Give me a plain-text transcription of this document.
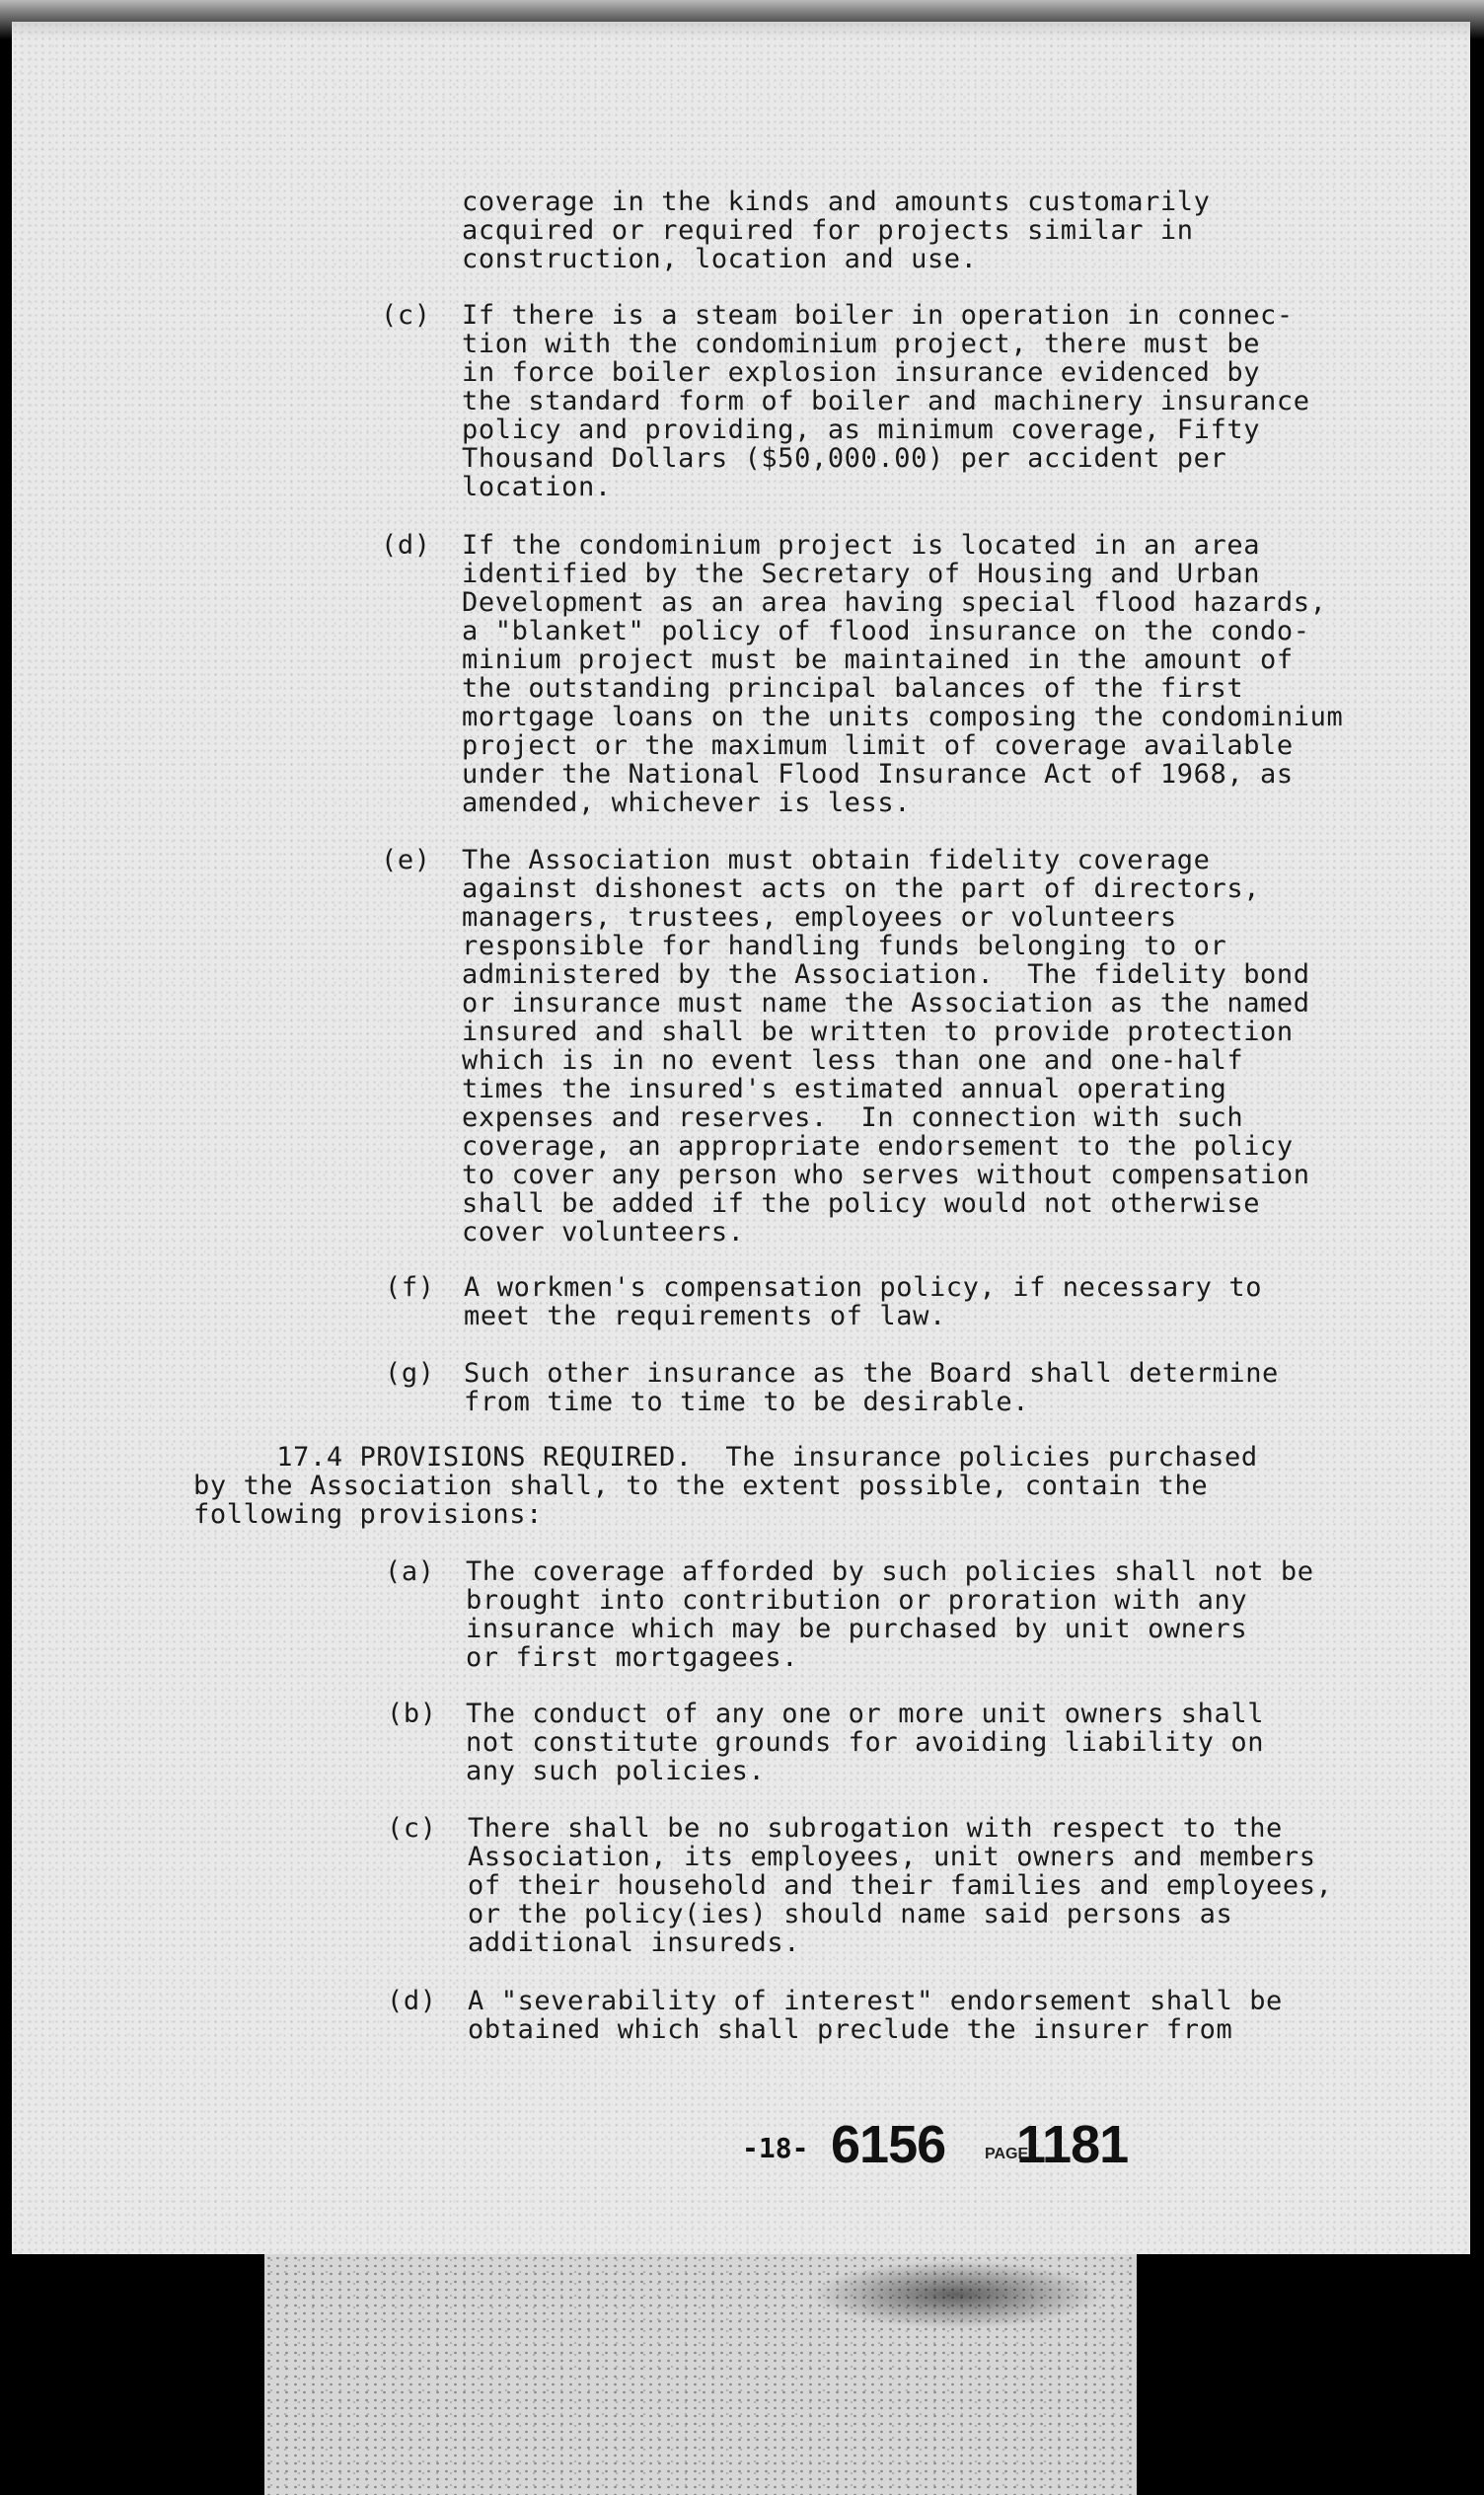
coverage in the kinds and amounts customarily
acquired or required for projects similar in
construction, location and use.
(c) If there is a steam boiler in operation in connec-
tion with the condominium project, there must be
in force boiler explosion insurance evidenced by
the standard form of boiler and machinery insurance
policy and providing, as minimum coverage, Fifty
Thousand Dollars ($50,000.00) per accident per
location.
(d) If the condominium project is located in an area
identified by the Secretary of Housing and Urban
Development as an area having special flood hazards,
a "blanket" policy of flood insurance on the condo-
minium project must be maintained in the amount of
the outstanding principal balances of the first
mortgage loans on the units composing the condominium
project or the maximum limit of coverage available
under the National Flood Insurance Act of 1968, as
amended, whichever is less.
(e) The Association must obtain fidelity coverage
against dishonest acts on the part of directors,
managers, trustees, employees or volunteers
responsible for handling funds belonging to or
administered by the Association.  The fidelity bond
or insurance must name the Association as the named
insured and shall be written to provide protection
which is in no event less than one and one-half
times the insured's estimated annual operating
expenses and reserves.  In connection with such
coverage, an appropriate endorsement to the policy
to cover any person who serves without compensation
shall be added if the policy would not otherwise
cover volunteers.
(f) A workmen's compensation policy, if necessary to
meet the requirements of law.
(g) Such other insurance as the Board shall determine
from time to time to be desirable.
17.4 PROVISIONS REQUIRED.  The insurance policies purchased
by the Association shall, to the extent possible, contain the
following provisions:
(a) The coverage afforded by such policies shall not be
brought into contribution or proration with any
insurance which may be purchased by unit owners
or first mortgagees.
(b) The conduct of any one or more unit owners shall
not constitute grounds for avoiding liability on
any such policies.
(c) There shall be no subrogation with respect to the
Association, its employees, unit owners and members
of their household and their families and employees,
or the policy(ies) should name said persons as
additional insureds.
(d) A "severability of interest" endorsement shall be
obtained which shall preclude the insurer from
-18- 6156 PAGE
1181
